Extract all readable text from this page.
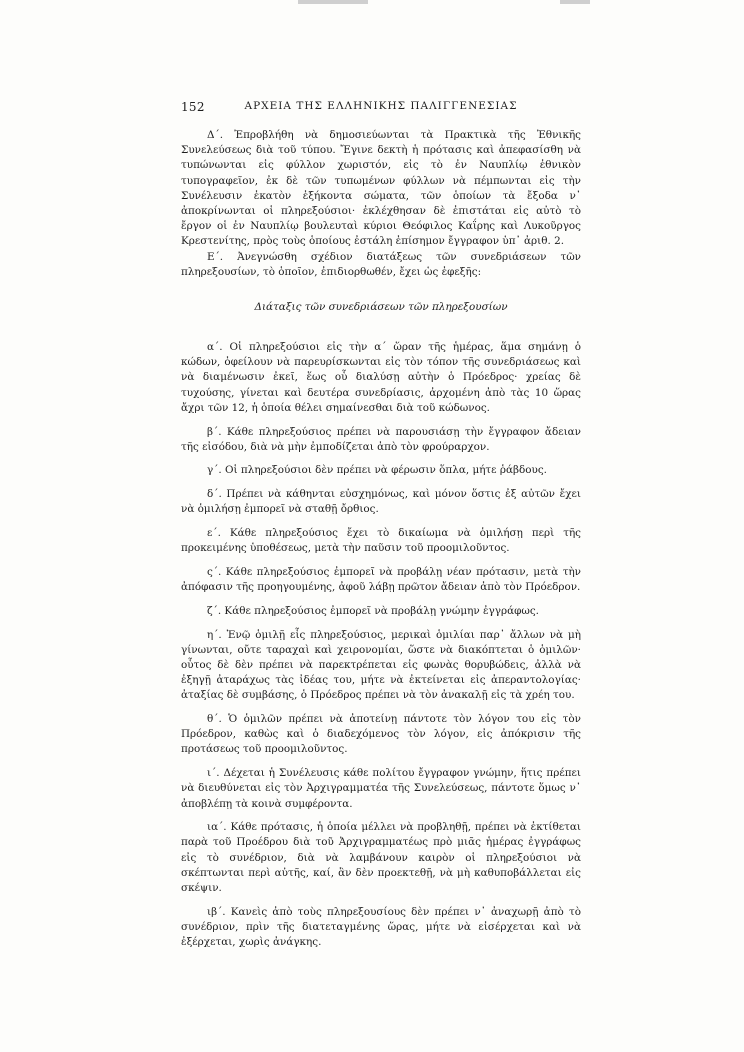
152	ΑΡΧΕΙΑ ΤΗΣ ΕΛΛΗΝΙΚΗΣ ΠΑΛΙΓΓΕΝΕΣΙΑΣ

Δ΄. Ἐπροβλήθη νὰ δημοσιεύωνται τὰ Πρακτικὰ τῆς Ἐθνικῆς Συνελεύσεως διὰ τοῦ τύπου. Ἔγινε δεκτὴ ἡ πρότασις καὶ ἀπεφασίσθη νὰ τυπώνωνται εἰς φύλλον χωριστόν, εἰς τὸ ἐν Ναυπλίῳ ἐθνικὸν τυπογραφεῖον, ἐκ δὲ τῶν τυπωμένων φύλλων νὰ πέμπωνται εἰς τὴν Συνέλευσιν ἑκατὸν ἑξήκοντα σώματα, τῶν ὁποίων τὰ ἔξοδα ν᾿ ἀποκρίνωνται οἱ πληρεξούσιοι· ἐκλέχθησαν δὲ ἐπιστάται εἰς αὐτὸ τὸ ἔργον οἱ ἐν Ναυπλίῳ βουλευταὶ κύριοι Θεόφιλος Καΐρης καὶ Λυκοῦργος Κρεστενίτης, πρὸς τοὺς ὁποίους ἐστάλη ἐπίσημον ἔγγραφον ὑπ᾿ ἀριθ. 2.

Ε΄. Ἀνεγνώσθη σχέδιον διατάξεως τῶν συνεδριάσεων τῶν πληρεξουσίων, τὸ ὁποῖον, ἐπιδιορθωθέν, ἔχει ὡς ἐφεξῆς:

Διάταξις τῶν συνεδριάσεων τῶν πληρεξουσίων

α΄. Οἱ πληρεξούσιοι εἰς τὴν α΄ ὥραν τῆς ἡμέρας, ἅμα σημάνῃ ὁ κώδων, ὀφείλουν νὰ παρευρίσκωνται εἰς τὸν τόπον τῆς συνεδριάσεως καὶ νὰ διαμένωσιν ἐκεῖ, ἕως οὗ διαλύσῃ αὐτὴν ὁ Πρόεδρος· χρείας δὲ τυχούσης, γίνεται καὶ δευτέρα συνεδρίασις, ἀρχομένη ἀπὸ τὰς 10 ὥρας ἄχρι τῶν 12, ἡ ὁποία θέλει σημαίνεσθαι διὰ τοῦ κώδωνος.

β΄. Κάθε πληρεξούσιος πρέπει νὰ παρουσιάσῃ τὴν ἔγγραφον ἄδειαν τῆς εἰσόδου, διὰ νὰ μὴν ἐμποδίζεται ἀπὸ τὸν φρούραρχον.

γ΄. Οἱ πληρεξούσιοι δὲν πρέπει νὰ φέρωσιν ὅπλα, μήτε ῥάβδους.

δ΄. Πρέπει νὰ κάθηνται εὐσχημόνως, καὶ μόνον ὅστις ἐξ αὐτῶν ἔχει νὰ ὁμιλήσῃ ἐμπορεῖ νὰ σταθῇ ὄρθιος.

ε΄. Κάθε πληρεξούσιος ἔχει τὸ δικαίωμα νὰ ὁμιλήσῃ περὶ τῆς προκειμένης ὑποθέσεως, μετὰ τὴν παῦσιν τοῦ προομιλοῦντος.

ς΄. Κάθε πληρεξούσιος ἐμπορεῖ νὰ προβάλῃ νέαν πρότασιν, μετὰ τὴν ἀπόφασιν τῆς προηγουμένης, ἀφοῦ λάβῃ πρῶτον ἄδειαν ἀπὸ τὸν Πρόεδρον.

ζ΄. Κάθε πληρεξούσιος ἐμπορεῖ νὰ προβάλῃ γνώμην ἐγγράφως.

η΄. Ἐνῷ ὁμιλῇ εἷς πληρεξούσιος, μερικαὶ ὁμιλίαι παρ᾿ ἄλλων νὰ μὴ γίνωνται, οὔτε ταραχαὶ καὶ χειρονομίαι, ὥστε νὰ διακόπτεται ὁ ὁμιλῶν· οὗτος δὲ δὲν πρέπει νὰ παρεκτρέπεται εἰς φωνὰς θορυβώδεις, ἀλλὰ νὰ ἐξηγῇ ἀταράχως τὰς ἰδέας του, μήτε νὰ ἐκτείνεται εἰς ἀπεραντολογίας· ἀταξίας δὲ συμβάσης, ὁ Πρόεδρος πρέπει νὰ τὸν ἀνακαλῇ εἰς τὰ χρέη του.

θ΄. Ὁ ὁμιλῶν πρέπει νὰ ἀποτείνῃ πάντοτε τὸν λόγον του εἰς τὸν Πρόεδρον, καθὼς καὶ ὁ διαδεχόμενος τὸν λόγον, εἰς ἀπόκρισιν τῆς προτάσεως τοῦ προομιλοῦντος.

ι΄. Δέχεται ἡ Συνέλευσις κάθε πολίτου ἔγγραφον γνώμην, ἥτις πρέπει νὰ διευθύνεται εἰς τὸν Ἀρχιγραμματέα τῆς Συνελεύσεως, πάντοτε ὅμως ν᾿ ἀποβλέπῃ τὰ κοινὰ συμφέροντα.

ια΄. Κάθε πρότασις, ἡ ὁποία μέλλει νὰ προβληθῇ, πρέπει νὰ ἐκτίθεται παρὰ τοῦ Προέδρου διὰ τοῦ Ἀρχιγραμματέως πρὸ μιᾶς ἡμέρας ἐγγράφως εἰς τὸ συνέδριον, διὰ νὰ λαμβάνουν καιρὸν οἱ πληρεξούσιοι νὰ σκέπτωνται περὶ αὐτῆς, καί, ἂν δὲν προεκτεθῇ, νὰ μὴ καθυποβάλλεται εἰς σκέψιν.

ιβ΄. Κανεὶς ἀπὸ τοὺς πληρεξουσίους δὲν πρέπει ν᾿ ἀναχωρῇ ἀπὸ τὸ συνέδριον, πρὶν τῆς διατεταγμένης ὥρας, μήτε νὰ εἰσέρχεται καὶ νὰ ἐξέρχεται, χωρὶς ἀνάγκης.
